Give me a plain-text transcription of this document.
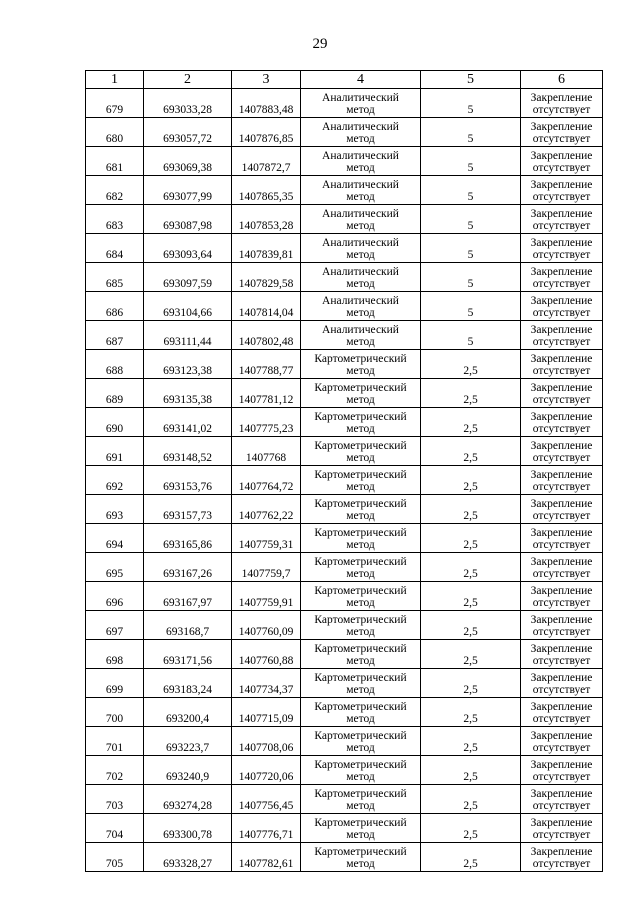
29
1	2	3	4	5	6
679	693033,28	1407883,48	Аналитический
метод	5	Закрепление
отсутствует

680	693057,72	1407876,85	Аналитический
метод	5	Закрепление
отсутствует

681	693069,38	1407872,7	Аналитический
метод	5	Закрепление
отсутствует

682	693077,99	1407865,35	Аналитический
метод	5	Закрепление
отсутствует

683	693087,98	1407853,28	Аналитический
метод	5	Закрепление
отсутствует

684	693093,64	1407839,81	Аналитический
метод	5	Закрепление
отсутствует

685	693097,59	1407829,58	Аналитический
метод	5	Закрепление
отсутствует

686	693104,66	1407814,04	Аналитический
метод	5	Закрепление
отсутствует

687	693111,44	1407802,48	Аналитический
метод	5	Закрепление
отсутствует

688	693123,38	1407788,77	Картометрический
метод	2,5	Закрепление
отсутствует

689	693135,38	1407781,12	Картометрический
метод	2,5	Закрепление
отсутствует

690	693141,02	1407775,23	Картометрический
метод	2,5	Закрепление
отсутствует

691	693148,52	1407768	Картометрический
метод	2,5	Закрепление
отсутствует

692	693153,76	1407764,72	Картометрический
метод	2,5	Закрепление
отсутствует

693	693157,73	1407762,22	Картометрический
метод	2,5	Закрепление
отсутствует

694	693165,86	1407759,31	Картометрический
метод	2,5	Закрепление
отсутствует

695	693167,26	1407759,7	Картометрический
метод	2,5	Закрепление
отсутствует

696	693167,97	1407759,91	Картометрический
метод	2,5	Закрепление
отсутствует

697	693168,7	1407760,09	Картометрический
метод	2,5	Закрепление
отсутствует

698	693171,56	1407760,88	Картометрический
метод	2,5	Закрепление
отсутствует

699	693183,24	1407734,37	Картометрический
метод	2,5	Закрепление
отсутствует

700	693200,4	1407715,09	Картометрический
метод	2,5	Закрепление
отсутствует

701	693223,7	1407708,06	Картометрический
метод	2,5	Закрепление
отсутствует

702	693240,9	1407720,06	Картометрический
метод	2,5	Закрепление
отсутствует

703	693274,28	1407756,45	Картометрический
метод	2,5	Закрепление
отсутствует

704	693300,78	1407776,71	Картометрический
метод	2,5	Закрепление
отсутствует

705	693328,27	1407782,61	Картометрический
метод	2,5	Закрепление
отсутствует
